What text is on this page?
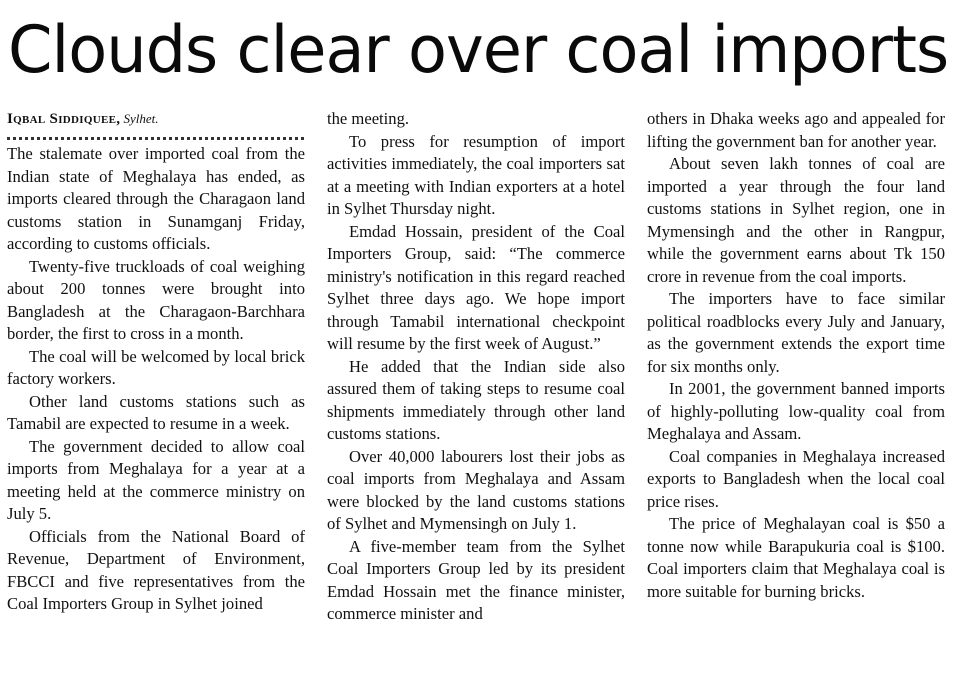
Clouds clear over coal imports
Iqbal Siddiquee, Sylhet.

The stalemate over imported coal from the Indian state of Meghalaya has ended, as imports cleared through the Charagaon land customs station in Sunamganj Friday, according to customs officials.

Twenty-five truckloads of coal weighing about 200 tonnes were brought into Bangladesh at the Charagaon-Barchhara border, the first to cross in a month.

The coal will be welcomed by local brick factory workers.

Other land customs stations such as Tamabil are expected to resume in a week.

The government decided to allow coal imports from Meghalaya for a year at a meeting held at the commerce ministry on July 5.

Officials from the National Board of Revenue, Department of Environment, FBCCI and five representatives from the Coal Importers Group in Sylhet joined

the meeting.

To press for resumption of import activities immediately, the coal importers sat at a meeting with Indian exporters at a hotel in Sylhet Thursday night.

Emdad Hossain, president of the Coal Importers Group, said: “The commerce ministry's notification in this regard reached Sylhet three days ago. We hope import through Tamabil international checkpoint will resume by the first week of August.”

He added that the Indian side also assured them of taking steps to resume coal shipments immediately through other land customs stations.

Over 40,000 labourers lost their jobs as coal imports from Meghalaya and Assam were blocked by the land customs stations of Sylhet and Mymensingh on July 1.

A five-member team from the Sylhet Coal Importers Group led by its president Emdad Hossain met the finance minister, commerce minister and

others in Dhaka weeks ago and appealed for lifting the government ban for another year.

About seven lakh tonnes of coal are imported a year through the four land customs stations in Sylhet region, one in Mymensingh and the other in Rangpur, while the government earns about Tk 150 crore in revenue from the coal imports.

The importers have to face similar political roadblocks every July and January, as the government extends the export time for six months only.

In 2001, the government banned imports of highly-polluting low-quality coal from Meghalaya and Assam.

Coal companies in Meghalaya increased exports to Bangladesh when the local coal price rises.

The price of Meghalayan coal is $50 a tonne now while Barapukuria coal is $100. Coal importers claim that Meghalaya coal is more suitable for burning bricks.
